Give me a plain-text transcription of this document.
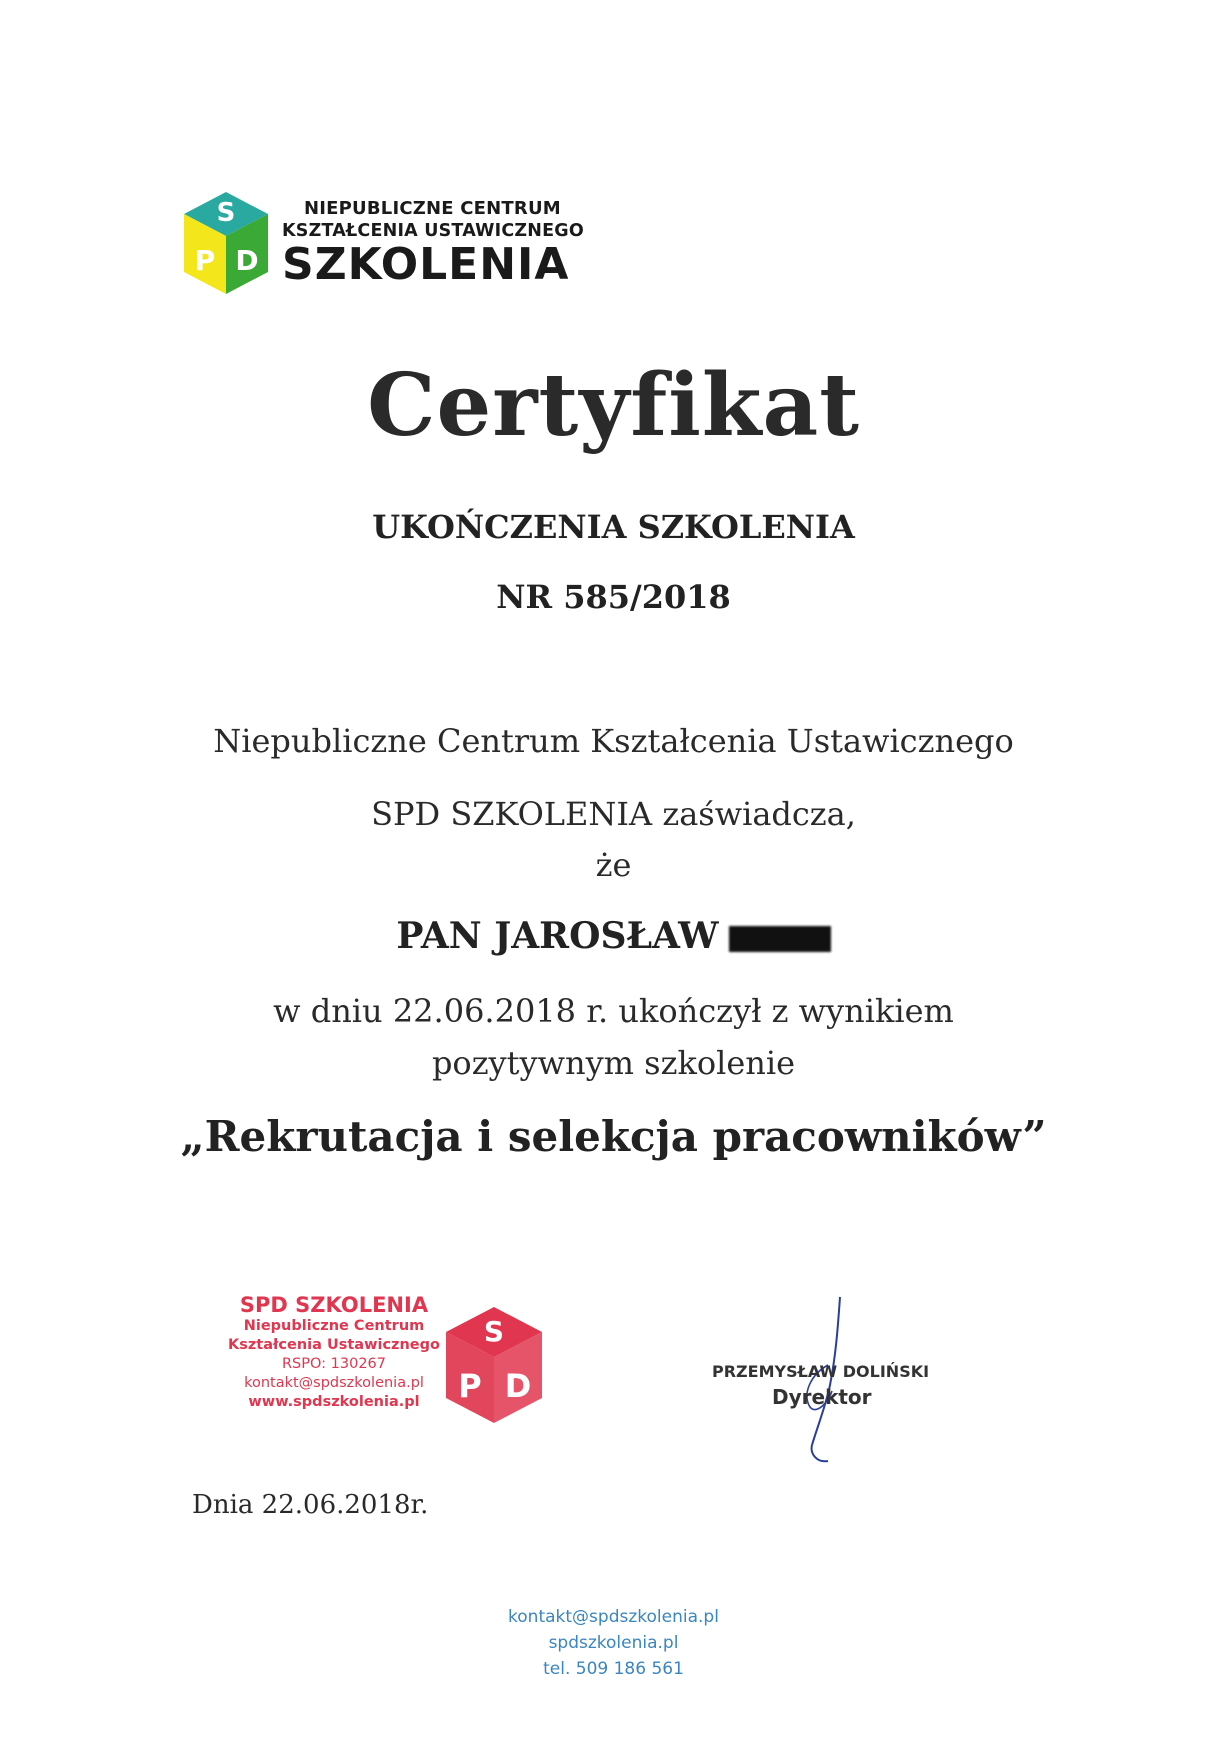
S
P D
NIEPUBLICZNE CENTRUM
KSZTAŁCENIA USTAWICZNEGO
SZKOLENIA
Certyfikat
UKOŃCZENIA SZKOLENIA
NR 585/2018
Niepubliczne Centrum Kształcenia Ustawicznego
SPD SZKOLENIA zaświadcza,
że
PAN JAROSŁAW
w dniu 22.06.2018 r. ukończył z wynikiem
pozytywnym szkolenie
„Rekrutacja i selekcja pracowników”
SPD SZKOLENIA
Niepubliczne Centrum
Kształcenia Ustawicznego
RSPO: 130267
kontakt@spdszkolenia.pl
www.spdszkolenia.pl
S
P D	PRZEMYSŁAW DOLIŃSKI
Dyrektor
Dnia 22.06.2018r.
kontakt@spdszkolenia.pl
spdszkolenia.pl
tel. 509 186 561
